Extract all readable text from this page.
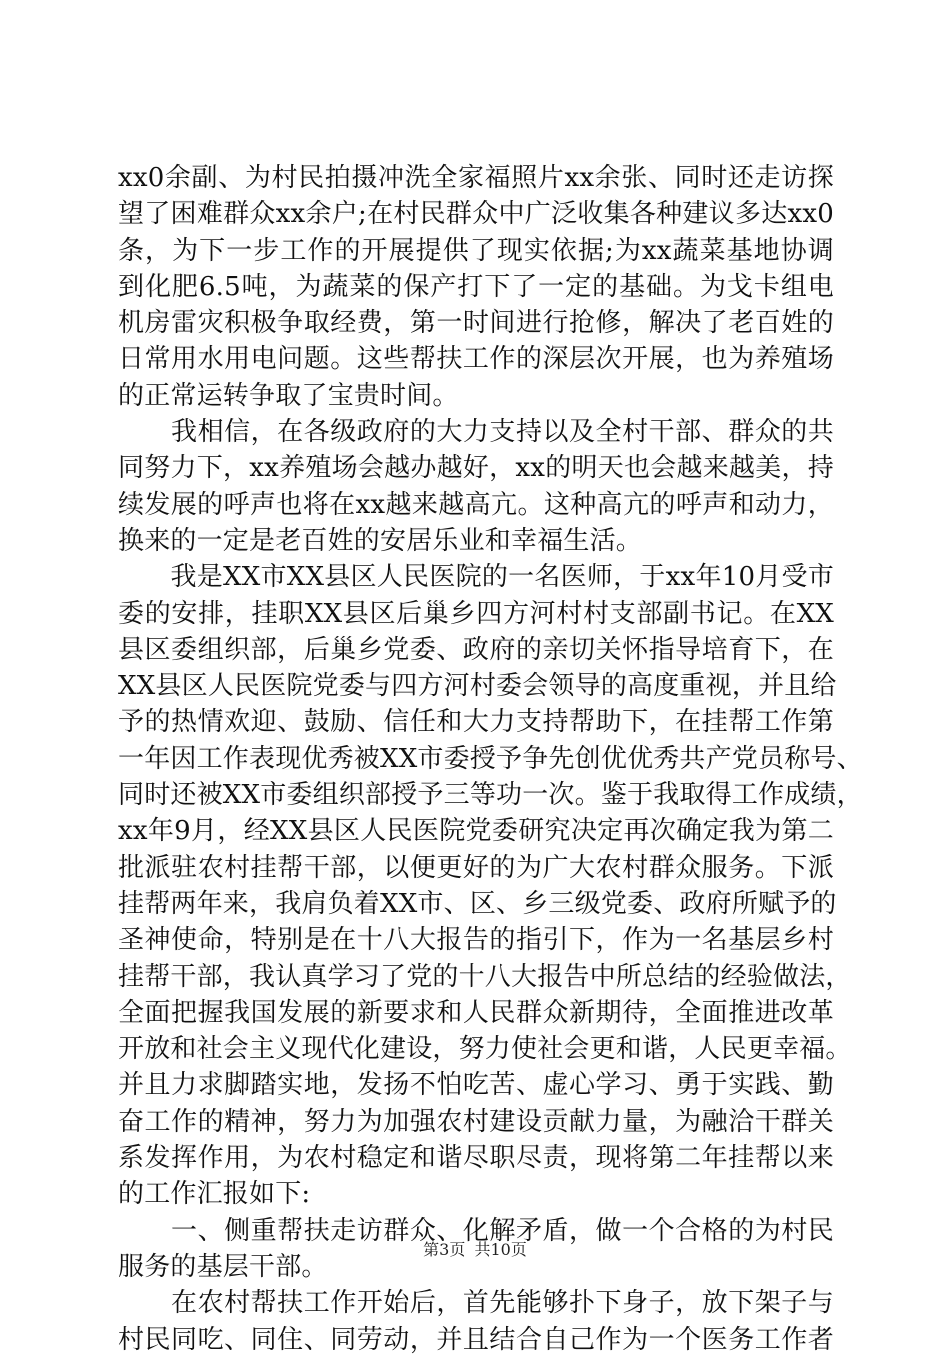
xx0余副、为村民拍摄冲洗全家福照片xx余张、同时还走访探
望了困难群众xx余户;在村民群众中广泛收集各种建议多达xx0
条，为下一步工作的开展提供了现实依据;为xx蔬菜基地协调
到化肥6.5吨，为蔬菜的保产打下了一定的基础。为戈卡组电
机房雷灾积极争取经费，第一时间进行抢修，解决了老百姓的
日常用水用电问题。这些帮扶工作的深层次开展，也为养殖场
的正常运转争取了宝贵时间。
　　我相信，在各级政府的大力支持以及全村干部、群众的共
同努力下，xx养殖场会越办越好，xx的明天也会越来越美，持
续发展的呼声也将在xx越来越高亢。这种高亢的呼声和动力，
换来的一定是老百姓的安居乐业和幸福生活。
　　我是XX市XX县区人民医院的一名医师，于xx年10月受市
委的安排，挂职XX县区后巢乡四方河村村支部副书记。在XX
县区委组织部，后巢乡党委、政府的亲切关怀指导培育下，在
XX县区人民医院党委与四方河村委会领导的高度重视，并且给
予的热情欢迎、鼓励、信任和大力支持帮助下，在挂帮工作第
一年因工作表现优秀被XX市委授予争先创优优秀共产党员称号、
同时还被XX市委组织部授予三等功一次。鉴于我取得工作成绩，
xx年9月，经XX县区人民医院党委研究决定再次确定我为第二
批派驻农村挂帮干部，以便更好的为广大农村群众服务。下派
挂帮两年来，我肩负着XX市、区、乡三级党委、政府所赋予的
圣神使命，特别是在十八大报告的指引下，作为一名基层乡村
挂帮干部，我认真学习了党的十八大报告中所总结的经验做法，
全面把握我国发展的新要求和人民群众新期待，全面推进改革
开放和社会主义现代化建设，努力使社会更和谐，人民更幸福。
并且力求脚踏实地，发扬不怕吃苦、虚心学习、勇于实践、勤
奋工作的精神，努力为加强农村建设贡献力量，为融洽干群关
系发挥作用，为农村稳定和谐尽职尽责，现将第二年挂帮以来
的工作汇报如下:
　　一、侧重帮扶走访群众、化解矛盾，做一个合格的为村民
服务的基层干部。
　　在农村帮扶工作开始后，首先能够扑下身子，放下架子与
村民同吃、同住、同劳动，并且结合自己作为一个医务工作者
第3页 共10页
